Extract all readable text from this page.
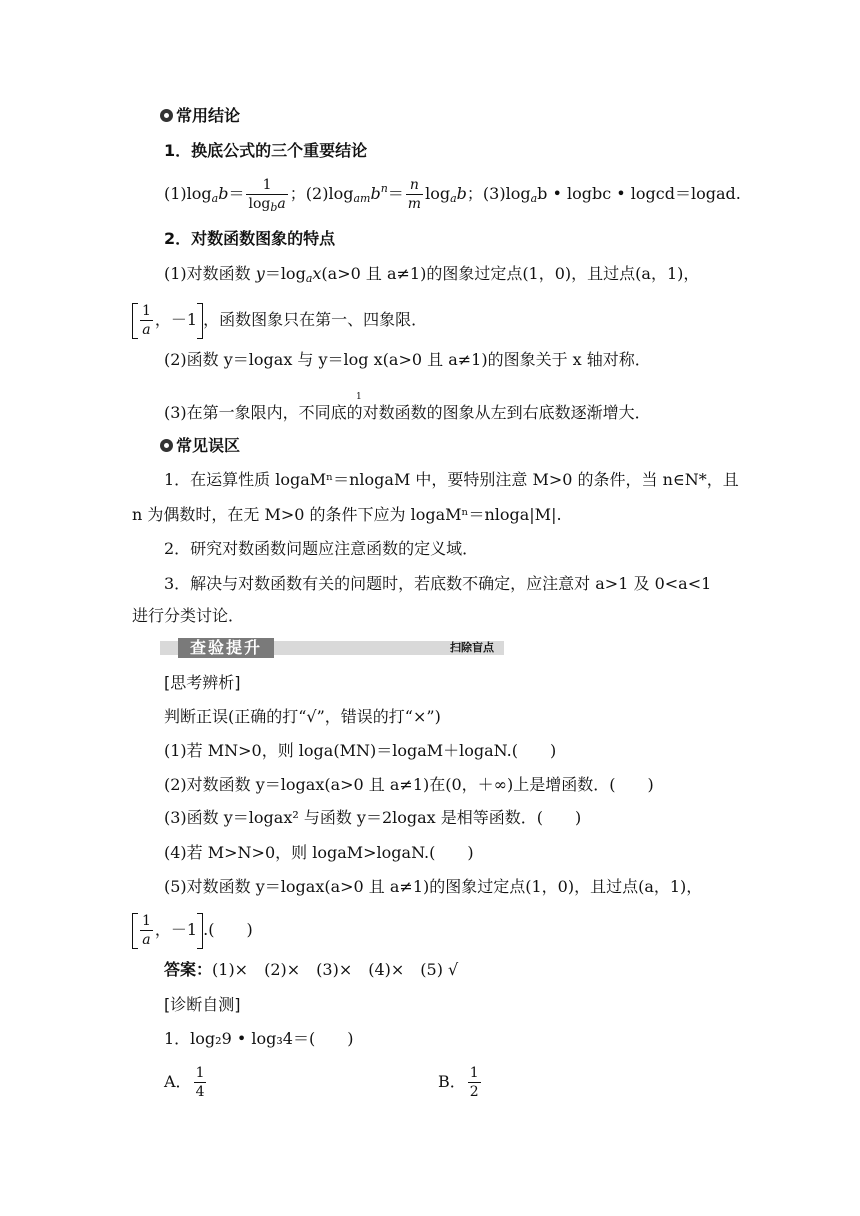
常用结论
1．换底公式的三个重要结论
$(1)\log_ab= \frac{1}{\log_ba}$ ；$(2)\log_{am}b^n= \frac{n}{m} \log_ab$；$(3)\log_ab$ • logbc • logcd＝logad.
2．对数函数图象的特点
(1)对数函数 $y=\log_ax(a>0$ 且 a≠1)的图象过定点(1，0)，且过点(a，1)，
$\frac{1}{a}$ ，－1 ，函数图象只在第一、四象限．
(2)函数 y＝logax 与 y＝log x(a>0 且 a≠1)的图象关于 x 轴对称．
1
(3)在第一象限内，不同底的对数函数的图象从左到右底数逐渐增大．
常见误区
1．在运算性质 logaMⁿ＝nlogaM 中，要特别注意 M>0 的条件，当 n∈N*，且
n 为偶数时，在无 M>0 的条件下应为 logaMⁿ＝nloga|M|.
2．研究对数函数问题应注意函数的定义域．
3．解决与对数函数有关的问题时，若底数不确定，应注意对 a>1 及 0<a<1
进行分类讨论．
查验提升	扫除盲点
[思考辨析]
判断正误(正确的打“√”，错误的打“×”)
(1)若 MN>0，则 loga(MN)＝logaM＋logaN.(　　)
(2)对数函数 y＝logax(a>0 且 a≠1)在(0，＋∞)上是增函数．(　　)
(3)函数 y＝logax² 与函数 y＝2logax 是相等函数．(　　)
(4)若 M>N>0，则 logaM>logaN.(　　)
(5)对数函数 y＝logax(a>0 且 a≠1)的图象过定点(1，0)，且过点(a，1)，
$\frac{1}{a}$ ，－1 .(　　)
答案：(1)×　(2)×　(3)×　(4)×　(5) √
[诊断自测]
1．log₂9 • log₃4＝(　　)
A． $\frac{1}{4}$	B． $\frac{1}{2}$
